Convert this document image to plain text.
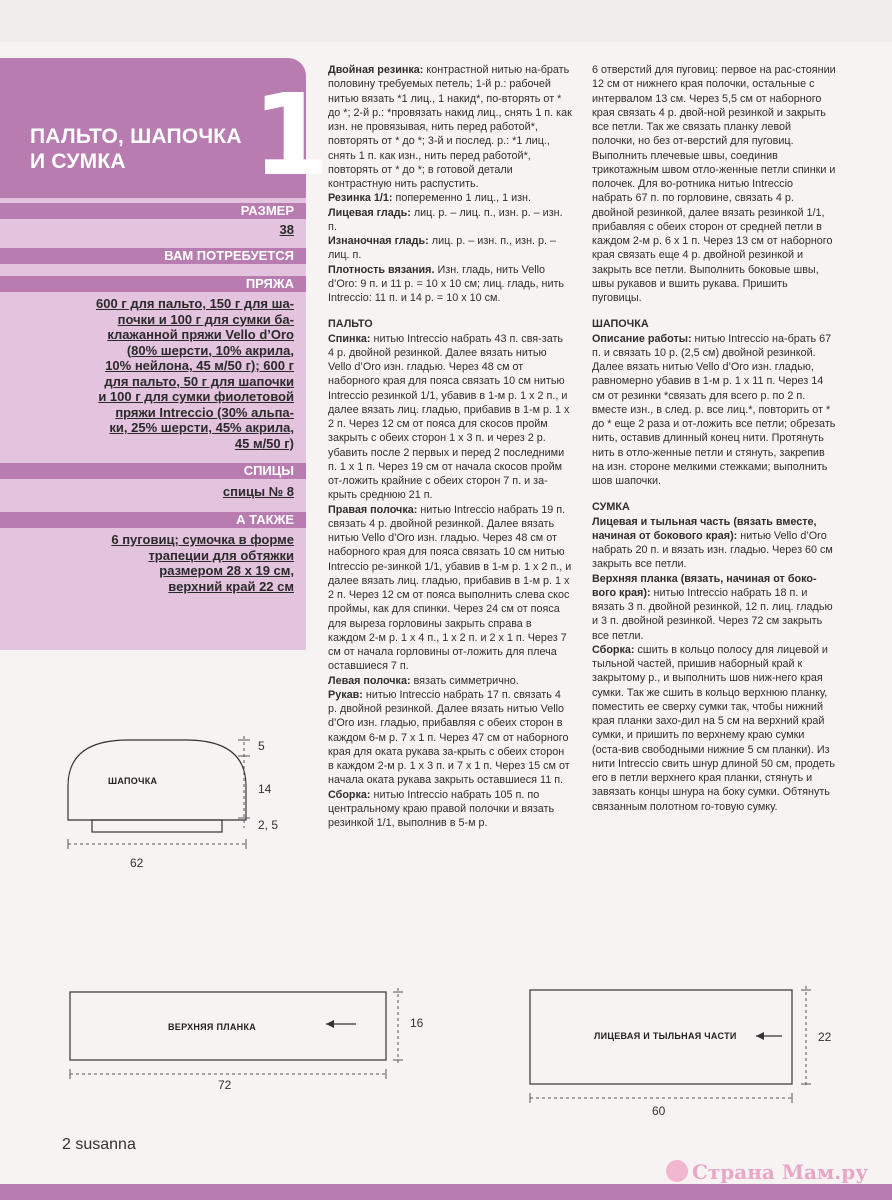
ПАЛЬТО, ШАПОЧКА И СУМКА	1
РАЗМЕР
38
ВАМ ПОТРЕБУЕТСЯ
ПРЯЖА
600 г для пальто, 150 г для ша-
почки и 100 г для сумки ба-
клажанной пряжи Vello d’Oro
(80% шерсти, 10% акрила,
10% нейлона, 45 м/50 г); 600 г
для пальто, 50 г для шапочки
и 100 г для сумки фиолетовой
пряжи Intreccio (30% альпа-
ки, 25% шерсти, 45% акрила,
45 м/50 г)
СПИЦЫ
спицы № 8
А ТАКЖЕ
6 пуговиц; сумочка в форме
трапеции для обтяжки
размером 28 х 19 см,
верхний край 22 см

Двойная резинка: контрастной нитью на-брать половину требуемых петель; 1-й р.: рабочей нитью вязать *1 лиц., 1 накид*, по-вторять от * до *; 2-й р.: *провязать накид лиц., снять 1 п. как изн. не провязывая, нить перед работой*, повторять от * до *; 3-й и послед. р.: *1 лиц., снять 1 п. как изн., нить перед работой*, повторять от * до *; в готовой детали контрастную нить распустить.

Резинка 1/1: попеременно 1 лиц., 1 изн.

Лицевая гладь: лиц. р. – лиц. п., изн. р. – изн. п.

Изнаночная гладь: лиц. р. – изн. п., изн. р. – лиц. п.

Плотность вязания. Изн. гладь, нить Vello d’Oro: 9 п. и 11 р. = 10 х 10 см; лиц. гладь, нить Intreccio: 11 п. и 14 р. = 10 х 10 см.

ПАЛЬТО

Спинка: нитью Intreccio набрать 43 п. свя-зать 4 р. двойной резинкой. Далее вязать нитью Vello d’Oro изн. гладью. Через 48 см от наборного края для пояса связать 10 см нитью Intreccio резинкой 1/1, убавив в 1-м р. 1 х 2 п., и далее вязать лиц. гладью, прибавив в 1-м р. 1 х 2 п. Через 12 см от пояса для скосов пройм закрыть с обеих сторон 1 х 3 п. и через 2 р. убавить после 2 первых и перед 2 последними п. 1 х 1 п. Через 19 см от начала скосов пройм от-ложить крайние с обеих сторон 7 п. и за-крыть среднюю 21 п.

Правая полочка: нитью Intreccio набрать 19 п. связать 4 р. двойной резинкой. Далее вязать нитью Vello d’Oro изн. гладью. Через 48 см от наборного края для пояса связать 10 см нитью Intreccio ре-зинкой 1/1, убавив в 1-м р. 1 х 2 п., и далее вязать лиц. гладью, прибавив в 1-м р. 1 х 2 п. Через 12 см от пояса выполнить слева скос проймы, как для спинки. Через 24 см от пояса для выреза горловины закрыть справа в каждом 2-м р. 1 х 4 п., 1 х 2 п. и 2 х 1 п. Через 7 см от начала горловины от-ложить для плеча оставшиеся 7 п.

Левая полочка: вязать симметрично.

Рукав: нитью Intreccio набрать 17 п. связать 4 р. двойной резинкой. Далее вязать нитью Vello d’Oro изн. гладью, прибавляя с обеих сторон в каждом 6-м р. 7 х 1 п. Через 47 см от наборного края для оката рукава за-крыть с обеих сторон в каждом 2-м р. 1 х 3 п. и 7 х 1 п. Через 15 см от начала оката рукава закрыть оставшиеся 11 п.

Сборка: нитью Intreccio набрать 105 п. по центральному краю правой полочки и вязать резинкой 1/1, выполнив в 5-м р.

6 отверстий для пуговиц: первое на рас-стоянии 12 см от нижнего края полочки, остальные с интервалом 13 см. Через 5,5 см от наборного края связать 4 р. двой-ной резинкой и закрыть все петли. Так же связать планку левой полочки, но без от-верстий для пуговиц. Выполнить плечевые швы, соединив трикотажным швом отло-женные петли спинки и полочек. Для во-ротника нитью Intreccio набрать 67 п. по горловине, связать 4 р. двойной резинкой, далее вязать резинкой 1/1, прибавляя с обеих сторон от средней петли в каждом 2-м р. 6 х 1 п. Через 13 см от наборного края связать еще 4 р. двойной резинкой и закрыть все петли. Выполнить боковые швы, швы рукавов и вшить рукава. Пришить пуговицы.

ШАПОЧКА

Описание работы: нитью Intreccio на-брать 67 п. и связать 10 р. (2,5 см) двойной резинкой. Далее вязать нитью Vello d’Oro изн. гладью, равномерно убавив в 1-м р. 1 х 11 п. Через 14 см от резинки *связать для всего р. по 2 п. вместе изн., в след. р. все лиц.*, повторить от * до * еще 2 раза и от-ложить все петли; обрезать нить, оставив длинный конец нити. Протянуть нить в отло-женные петли и стянуть, закрепив на изн. стороне мелкими стежками; выполнить шов шапочки.

СУМКА

Лицевая и тыльная часть (вязать вместе, начиная от бокового края): нитью Vello d’Oro набрать 20 п. и вязать изн. гладью. Через 60 см закрыть все петли.

Верхняя планка (вязать, начиная от боко-вого края): нитью Intreccio набрать 18 п. и вязать 3 п. двойной резинкой, 12 п. лиц. гладью и 3 п. двойной резинкой. Через 72 см закрыть все петли.

Сборка: сшить в кольцо полосу для лицевой и тыльной частей, пришив наборный край к закрытому р., и выполнить шов ниж-него края сумки. Так же сшить в кольцо верхнюю планку, поместить ее сверху сумки так, чтобы нижний края планки захо-дил на 5 см на верхний край сумки, и пришить по верхнему краю сумки (оста-вив свободными нижние 5 см планки). Из нити Intreccio свить шнур длиной 50 см, продеть его в петли верхнего края планки, стянуть и завязать концы шнура на боку сумки. Обтянуть связанным полотном го-товую сумку.

ШАПОЧКА
5
14
2, 5
62
ВЕРХНЯЯ ПЛАНКА	16
72
ЛИЦЕВАЯ И ТЫЛЬНАЯ ЧАСТИ	22
60
2 susanna
Страна Мам.ру
